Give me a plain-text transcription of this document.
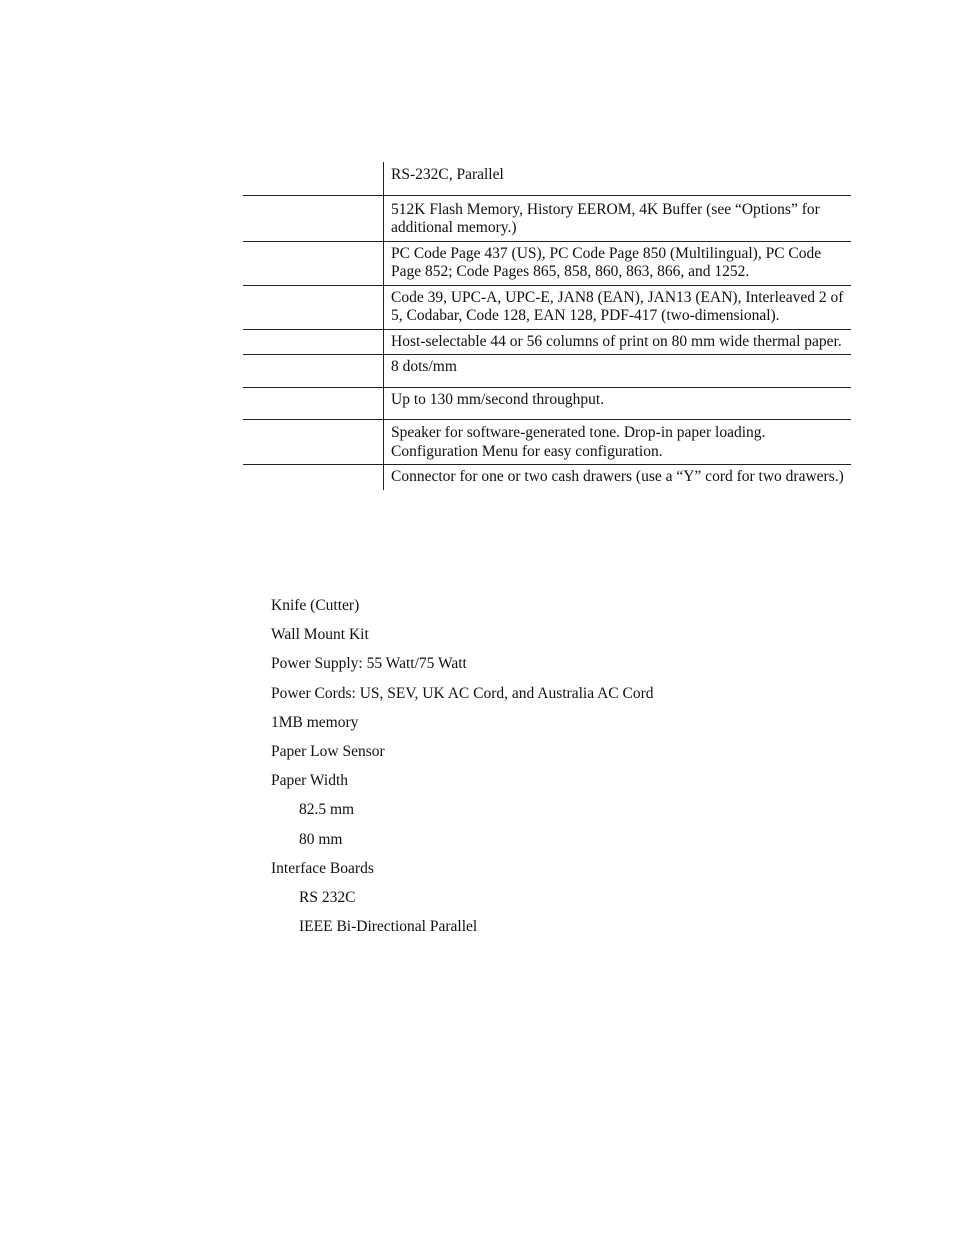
RS-232C, Parallel
512K Flash Memory, History EEROM, 4K Buffer (see “Options” for additional memory.)
PC Code Page 437 (US), PC Code Page 850 (Multilingual), PC Code Page 852; Code Pages 865, 858, 860, 863, 866, and 1252.
Code 39, UPC-A, UPC-E, JAN8 (EAN), JAN13 (EAN), Interleaved 2 of 5, Codabar, Code 128, EAN 128, PDF-417 (two-dimensional).
Host-selectable 44 or 56 columns of print on 80 mm wide thermal paper.
8 dots/mm
Up to 130 mm/second throughput.
Speaker for software-generated tone. Drop-in paper loading. Configuration Menu for easy configuration.
Connector for one or two cash drawers (use a “Y” cord for two drawers.)
Knife (Cutter)
Wall Mount Kit
Power Supply: 55 Watt/75 Watt
Power Cords: US, SEV, UK AC Cord, and Australia AC Cord
1MB memory
Paper Low Sensor
Paper Width
82.5 mm
80 mm
Interface Boards
RS 232C
IEEE Bi-Directional Parallel
